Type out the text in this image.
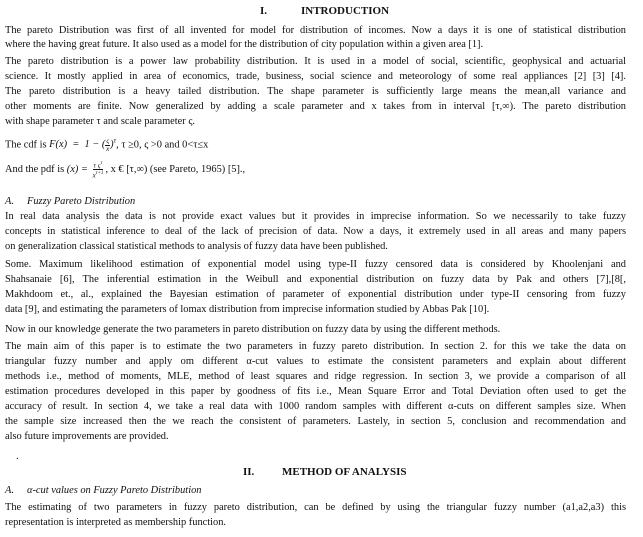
I.	INTRODUCTION
The pareto Distribution was first of all invented for model for distribution of incomes. Now a days it is one of statistical distribution
where the having great future. It also used as a model for the distribution of city population within a given area [1].
The pareto distribution is a power law probability distribution. It is used in a model of social, scientific, geophysical and actuarial
science. It mostly applied in area of economics, trade, business, social science and meteorology of some real appliances [2] [3] [4].
The pareto distribution is a heavy tailed distribution. The shape parameter is sufficiently large means the mean,all variance and
other moments are finite. Now generalized by adding a scale parameter and x takes from in interval [τ,∞). The pareto distribution
with shape parameter τ and scale parameter ς.
The cdf is F(x)  =  1 − ( $\frac{\varsigma}{x} )^\tau$, τ ≥0, ς >0 and 0<τ≤x
And the pdf is $(x) = \frac{\tau \varsigma^\tau}{x^{\tau+1}}$ , x € [τ,∞) (see Pareto, 1965) [5].,
A. Fuzzy Pareto Distribution
In real data analysis the data is not provide exact values but it provides in imprecise information. So we necessarily to take fuzzy
concepts in statistical inference to deal of the lack of precision of data. Now a days, it extremely used in all areas and many papers
on generalization classical statistical methods to analysis of fuzzy data have been published.
Some. Maximum likelihood estimation of exponential model using type-II fuzzy censored data is considered by Khoolenjani and
Shahsanaie [6], The inferential estimation in the Weibull and exponential distribution on fuzzy data by Pak and others [7],[8[,
Makhdoom et., al., explained the Bayesian estimation of parameter of exponential distribution under type-II censoring from fuzzy
data [9], and estimating the parameters of lomax distribution from imprecise information studied by Abbas Pak [10].
Now in our knowledge generate the two parameters in pareto distribution on fuzzy data by using the different methods.
The main aim of this paper is to estimate the two parameters in fuzzy pareto distribution. In section 2. for this we take the data on
triangular fuzzy number and apply om different α-cut values to estimate the consistent parameters and explain about different
methods i.e., method of moments, MLE, method of least squares and ridge regression. In section 3, we provide a comparison of all
estimation procedures developed in this paper by goodness of fits i.e., Mean Square Error and Total Deviation often used to get the
accuracy of result. In section 4, we take a real data with 1000 random samples with different α-cuts on different samples size. When
the sample size increased then the we reach the consistent of parameters. Lastely, in section 5, conclusion and recommendation and
also future improvements are provided.
.
II.	METHOD OF ANALYSIS
A. α-cut values on Fuzzy Pareto Distribution
The estimating of two parameters in fuzzy pareto distribution, can be defined by using the triangular fuzzy number (a1,a2,a3) this
representation is interpreted as membership function.
